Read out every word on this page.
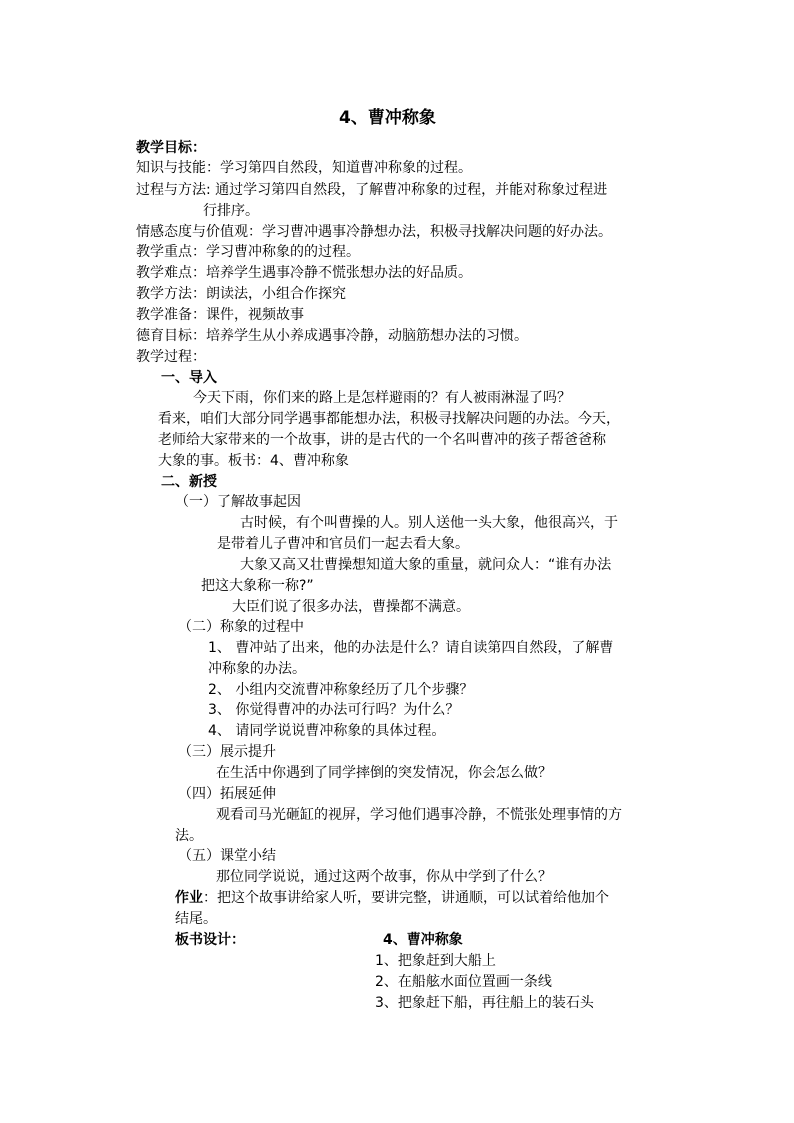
4、曹冲称象
教学目标：
知识与技能：学习第四自然段，知道曹冲称象的过程。
过程与方法: 通过学习第四自然段，了解曹冲称象的过程，并能对称象过程进
行排序。
情感态度与价值观：学习曹冲遇事冷静想办法，积极寻找解决问题的好办法。
教学重点：学习曹冲称象的的过程。
教学难点：培养学生遇事冷静不慌张想办法的好品质。
教学方法：朗读法，小组合作探究
教学准备：课件，视频故事
德育目标：培养学生从小养成遇事冷静，动脑筋想办法的习惯。
教学过程：
一、导入
今天下雨，你们来的路上是怎样避雨的？有人被雨淋湿了吗？
看来，咱们大部分同学遇事都能想办法，积极寻找解决问题的办法。今天，
老师给大家带来的一个故事，讲的是古代的一个名叫曹冲的孩子帮爸爸称
大象的事。板书：4、曹冲称象
二、新授
（一）了解故事起因
古时候，有个叫曹操的人。别人送他一头大象，他很高兴，于
是带着儿子曹冲和官员们一起去看大象。
大象又高又壮曹操想知道大象的重量，就问众人：“谁有办法
把这大象称一称?”
大臣们说了很多办法，曹操都不满意。
（二）称象的过程中
1、 曹冲站了出来，他的办法是什么？请自读第四自然段，了解曹
冲称象的办法。
2、 小组内交流曹冲称象经历了几个步骤？
3、 你觉得曹冲的办法可行吗？为什么？
4、 请同学说说曹冲称象的具体过程。
（三）展示提升
在生活中你遇到了同学摔倒的突发情况，你会怎么做？
（四）拓展延伸
观看司马光砸缸的视屏，学习他们遇事冷静，不慌张处理事情的方
法。
（五）课堂小结
那位同学说说，通过这两个故事，你从中学到了什么？
作业：把这个故事讲给家人听，要讲完整，讲通顺，可以试着给他加个
结尾。
板书设计：	4、曹冲称象
1、把象赶到大船上
2、在船舷水面位置画一条线
3、把象赶下船，再往船上的装石头
